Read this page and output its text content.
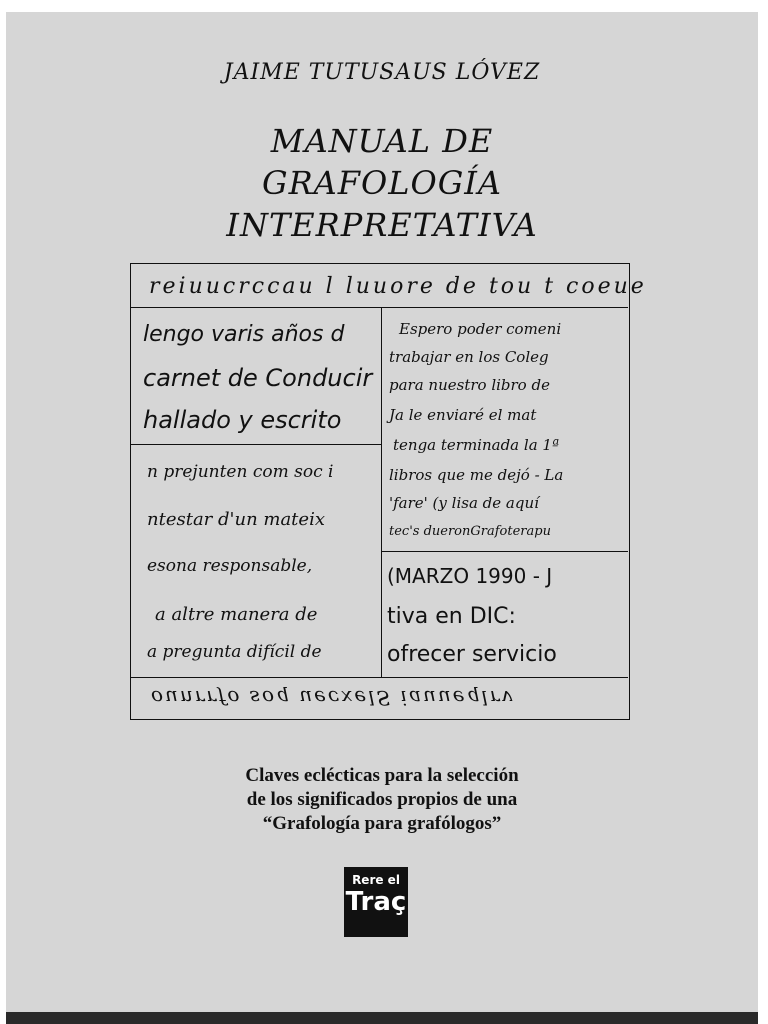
JAIME TUTUSAUS LÓVEZ
MANUAL DE
GRAFOLOGÍA
INTERPRETATIVA
reiuucrccau l luuore de tou t coeue
lengo varis años d
carnet de Conducir
hallado y escrito
n prejunten com soc i
ntestar d'un mateix
esona responsable,
a altre manera de
a pregunta difícil de
Espero poder comeni
trabajar en los Coleg
para nuestro libro de
Ja le enviaré el mat
tenga terminada la 1ª
libros que me dejó - La
'fare' (y lisa de aquí
tec's dueronGrafoterapu
(MARZO 1990 - J
tiva en DIC:
ofrecer servicio
ounrrfo soq uecxelS iauueqlrv
Claves eclécticas para la selección
de los significados propios de una
“Grafología para grafólogos”
Rere el
Traç
